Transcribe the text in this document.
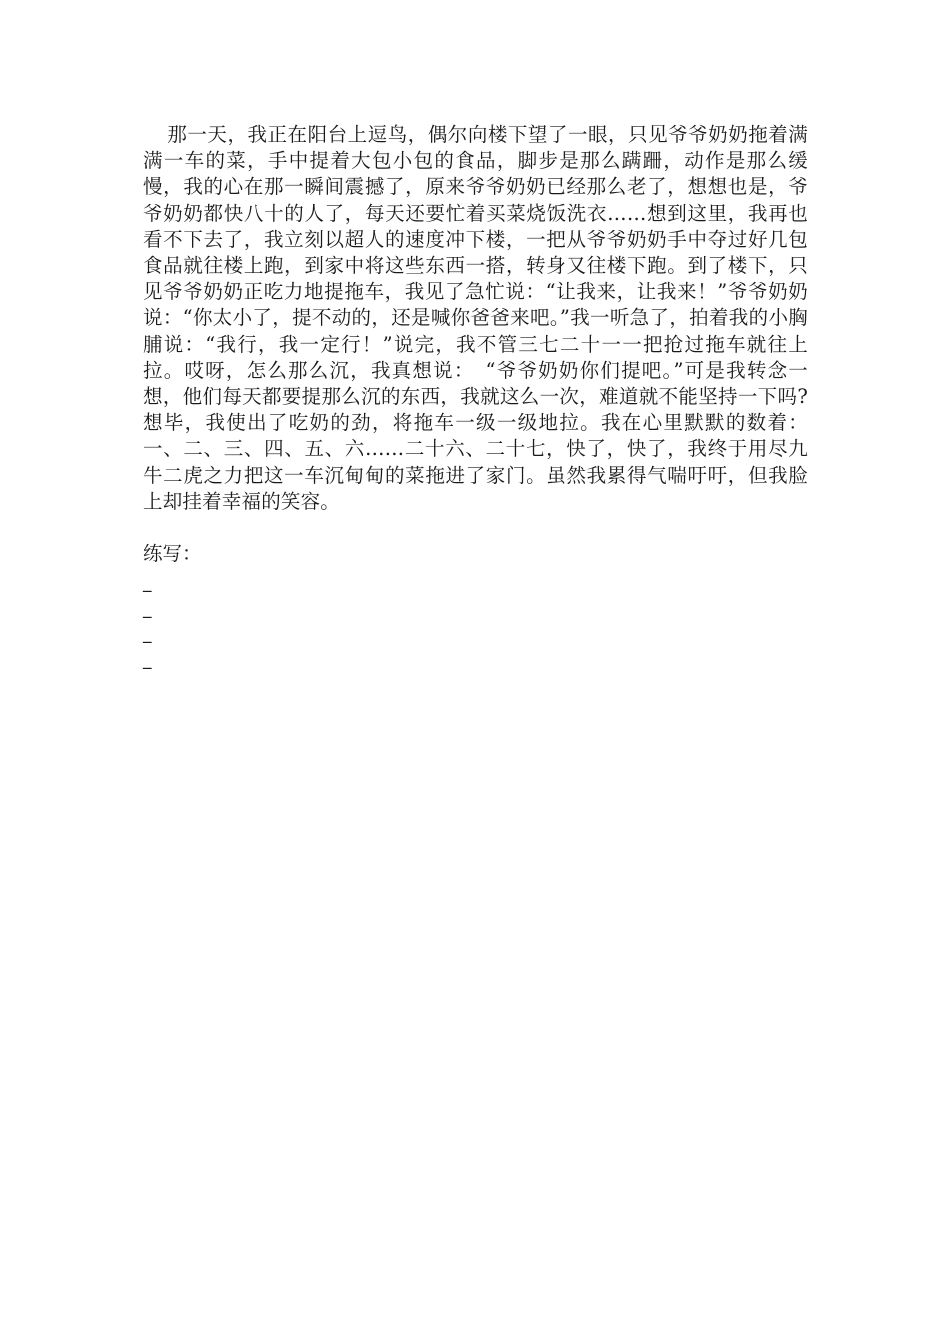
那一天，我正在阳台上逗鸟，偶尔向楼下望了一眼，只见爷爷奶奶拖着满满一车的菜，手中提着大包小包的食品，脚步是那么蹒跚，动作是那么缓慢，我的心在那一瞬间震撼了，原来爷爷奶奶已经那么老了，想想也是，爷爷奶奶都快八十的人了，每天还要忙着买菜烧饭洗衣……想到这里，我再也看不下去了，我立刻以超人的速度冲下楼，一把从爷爷奶奶手中夺过好几包食品就往楼上跑，到家中将这些东西一搭，转身又往楼下跑。到了楼下，只见爷爷奶奶正吃力地提拖车，我见了急忙说：“让我来，让我来！”爷爷奶奶说：“你太小了，提不动的，还是喊你爸爸来吧。”我一听急了，拍着我的小胸脯说：“我行，我一定行！”说完，我不管三七二十一一把抢过拖车就往上拉。哎呀，怎么那么沉，我真想说：　“爷爷奶奶你们提吧。”可是我转念一想，他们每天都要提那么沉的东西，我就这么一次，难道就不能坚持一下吗?想毕，我使出了吃奶的劲，将拖车一级一级地拉。我在心里默默的数着：一、二、三、四、五、六……二十六、二十七，快了，快了，我终于用尽九牛二虎之力把这一车沉甸甸的菜拖进了家门。虽然我累得气喘吁吁，但我脸上却挂着幸福的笑容。

练写：
_
_
_
_
